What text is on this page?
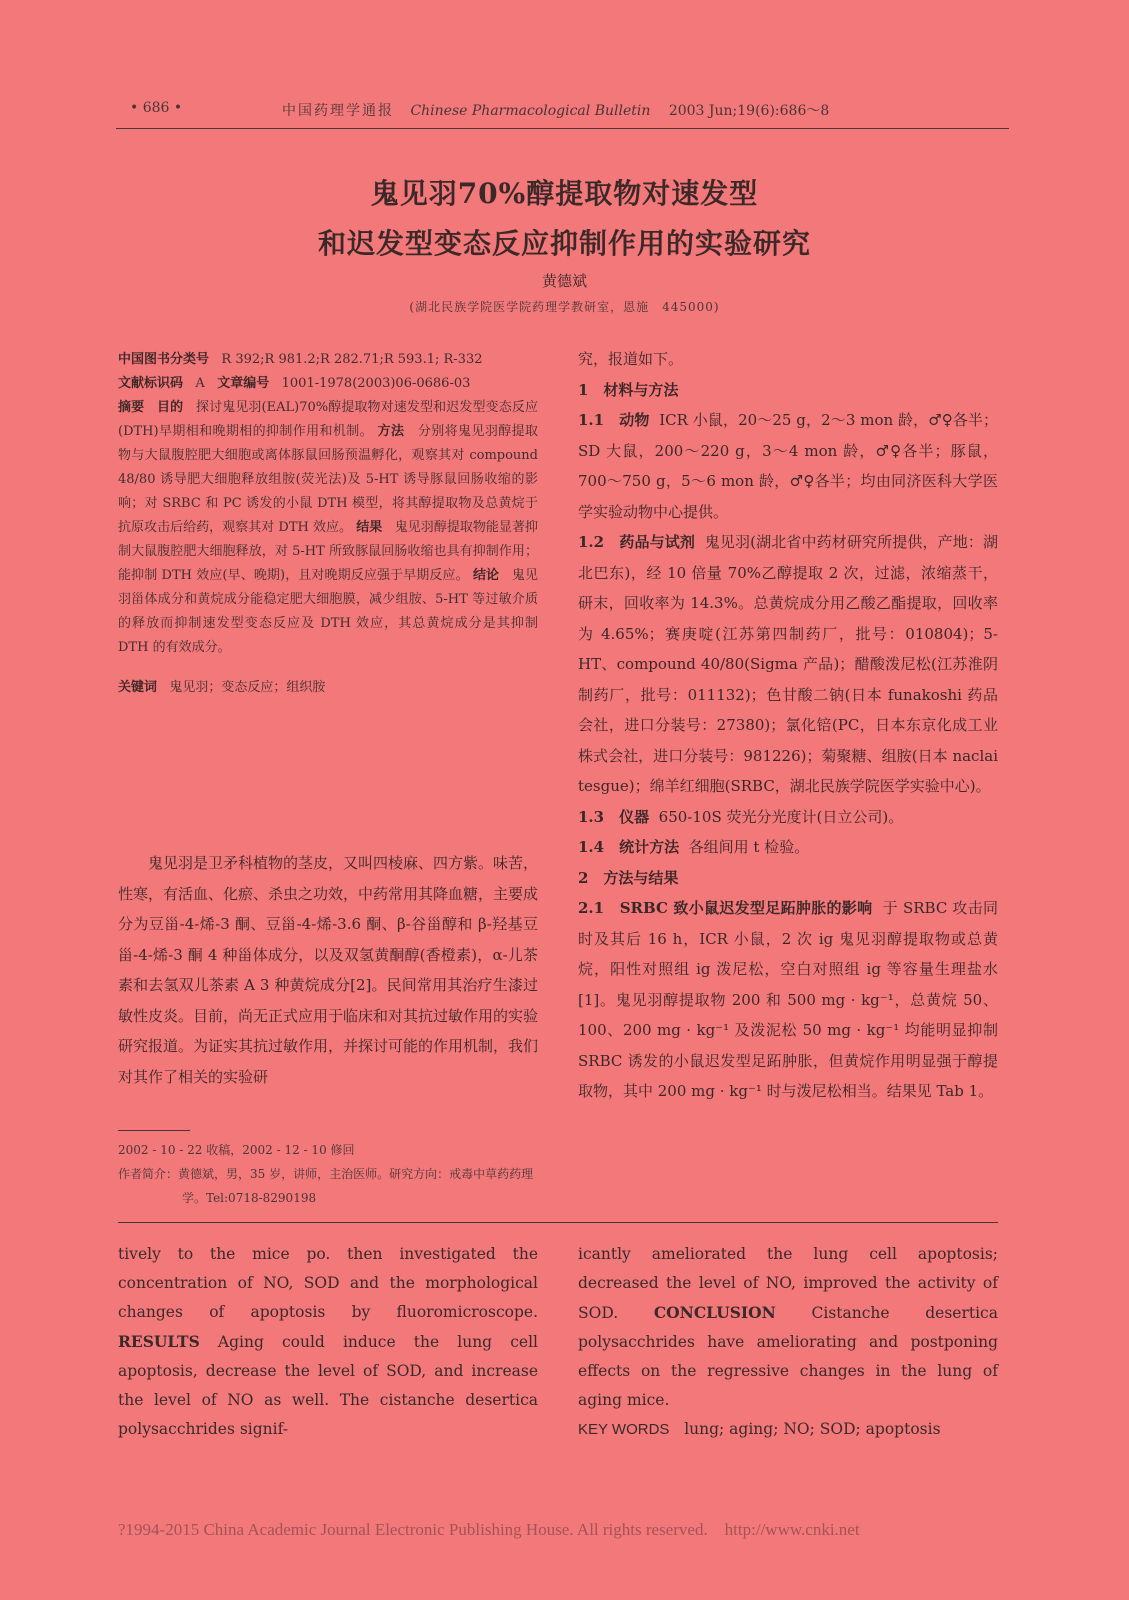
• 686 •	中国药理学通报 Chinese Pharmacological Bulletin 2003 Jun;19(6):686～8
鬼见羽70%醇提取物对速发型
和迟发型变态反应抑制作用的实验研究
黄德斌
(湖北民族学院医学院药理学教研室，恩施　445000)

中国图书分类号 R 392;R 981.2;R 282.71;R 593.1; R-332

文献标识码 A 文章编号 1001-1978(2003)06-0686-03

摘要 目的 探讨鬼见羽(EAL)70%醇提取物对速发型和迟发型变态反应(DTH)早期相和晚期相的抑制作用和机制。 方法 分别将鬼见羽醇提取物与大鼠腹腔肥大细胞或离体豚鼠回肠预温孵化，观察其对 compound 48/80 诱导肥大细胞释放组胺(荧光法)及 5-HT 诱导豚鼠回肠收缩的影响；对 SRBC 和 PC 诱发的小鼠 DTH 模型，将其醇提取物及总黄烷于抗原攻击后给药，观察其对 DTH 效应。 结果 鬼见羽醇提取物能显著抑制大鼠腹腔肥大细胞释放，对 5-HT 所致豚鼠回肠收缩也具有抑制作用；能抑制 DTH 效应(早、晚期)，且对晚期反应强于早期反应。 结论 鬼见羽甾体成分和黄烷成分能稳定肥大细胞膜，减少组胺、5-HT 等过敏介质的释放而抑制速发型变态反应及 DTH 效应，其总黄烷成分是其抑制 DTH 的有效成分。

关键词 鬼见羽；变态反应；组织胺

鬼见羽是卫矛科植物的茎皮，又叫四棱麻、四方紫。味苦，性寒，有活血、化瘀、杀虫之功效，中药常用其降血糖，主要成分为豆甾-4-烯-3 酮、豆甾-4-烯-3.6 酮、β-谷甾醇和 β-羟基豆甾-4-烯-3 酮 4 种甾体成分，以及双氢黄酮醇(香橙素)，α-儿茶素和去氢双儿茶素 A 3 种黄烷成分[2]。民间常用其治疗生漆过敏性皮炎。目前，尚无正式应用于临床和对其抗过敏作用的实验研究报道。为证实其抗过敏作用，并探讨可能的作用机制，我们对其作了相关的实验研

2002 - 10 - 22 收稿，2002 - 12 - 10 修回

作者简介：黄德斌，男，35 岁，讲师，主治医师。研究方向：戒毒中草药药理学。Tel:0718-8290198

究，报道如下。

1　材料与方法

1.1　动物 ICR 小鼠，20～25 g，2～3 mon 龄，♂♀各半；SD 大鼠，200～220 g，3～4 mon 龄，♂♀各半；豚鼠，700～750 g，5～6 mon 龄，♂♀各半；均由同济医科大学医学实验动物中心提供。

1.2　药品与试剂 鬼见羽(湖北省中药材研究所提供，产地：湖北巴东)，经 10 倍量 70%乙醇提取 2 次，过滤，浓缩蒸干，研末，回收率为 14.3%。总黄烷成分用乙酸乙酯提取，回收率为 4.65%；赛庚啶(江苏第四制药厂，批号：010804)；5-HT、compound 40/80(Sigma 产品)；醋酸泼尼松(江苏淮阴制药厂，批号：011132)；色甘酸二钠(日本 funakoshi 药品会社，进口分装号：27380)；氯化锫(PC，日本东京化成工业株式会社，进口分装号：981226)；菊聚糖、组胺(日本 naclai tesgue)；绵羊红细胞(SRBC，湖北民族学院医学实验中心)。

1.3　仪器 650-10S 荧光分光度计(日立公司)。

1.4　统计方法 各组间用 t 检验。

2　方法与结果

2.1　SRBC 致小鼠迟发型足跖肿胀的影响 于 SRBC 攻击同时及其后 16 h，ICR 小鼠，2 次 ig 鬼见羽醇提取物或总黄烷，阳性对照组 ig 泼尼松，空白对照组 ig 等容量生理盐水[1]。鬼见羽醇提取物 200 和 500 mg · kg⁻¹，总黄烷 50、100、200 mg · kg⁻¹ 及泼泥松 50 mg · kg⁻¹ 均能明显抑制 SRBC 诱发的小鼠迟发型足跖肿胀，但黄烷作用明显强于醇提取物，其中 200 mg · kg⁻¹ 时与泼尼松相当。结果见 Tab 1。

tively to the mice po. then investigated the concentration of NO, SOD and the morphological changes of apoptosis by fluoromicroscope. RESULTS Aging could induce the lung cell apoptosis, decrease the level of SOD, and increase the level of NO as well. The cistanche desertica polysacchrides signif-
icantly ameliorated the lung cell apoptosis; decreased the level of NO, improved the activity of SOD. CONCLUSION Cistanche desertica polysacchrides have ameliorating and postponing effects on the regressive changes in the lung of aging mice.
KEY WORDS lung; aging; NO; SOD; apoptosis
?1994-2015 China Academic Journal Electronic Publishing House. All rights reserved.　http://www.cnki.net
